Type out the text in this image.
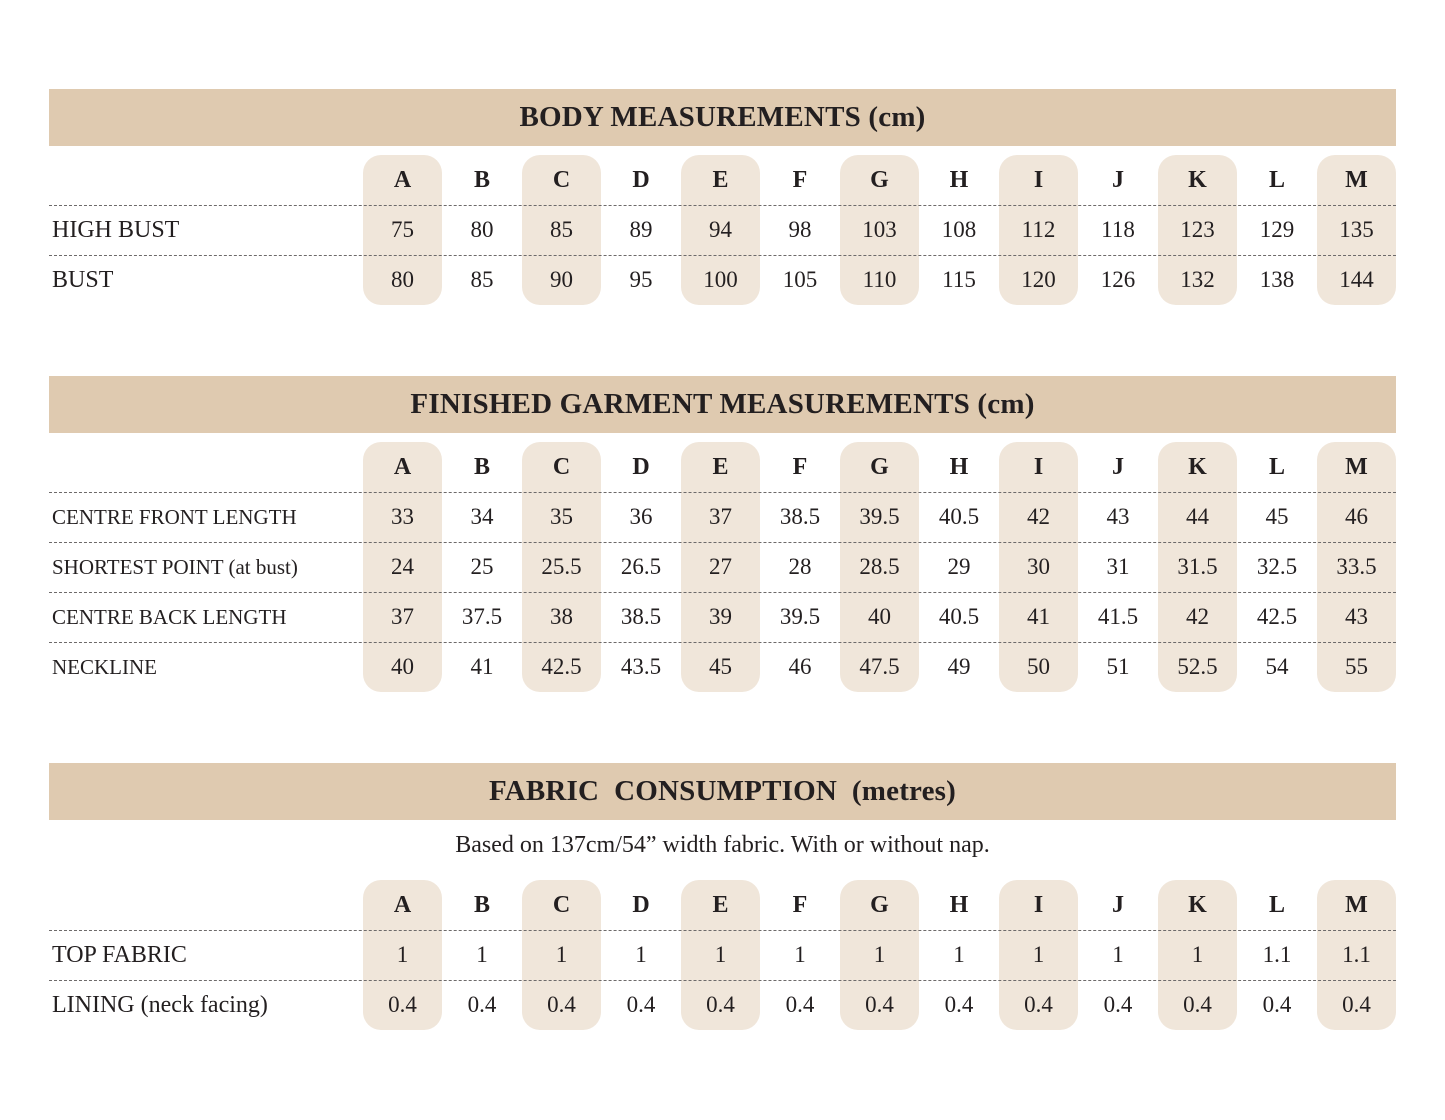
BODY MEASUREMENTS (cm)
A	B	C	D	E	F	G	H	I	J	K	L	M
HIGH BUST	75	80	85	89	94	98	103	108	112	118	123	129	135
BUST	80	85	90	95	100	105	110	115	120	126	132	138	144
FINISHED GARMENT MEASUREMENTS (cm)
A	B	C	D	E	F	G	H	I	J	K	L	M
CENTRE FRONT LENGTH	33	34	35	36	37	38.5	39.5	40.5	42	43	44	45	46
SHORTEST POINT (at bust)	24	25	25.5	26.5	27	28	28.5	29	30	31	31.5	32.5	33.5
CENTRE BACK LENGTH	37	37.5	38	38.5	39	39.5	40	40.5	41	41.5	42	42.5	43
NECKLINE	40	41	42.5	43.5	45	46	47.5	49	50	51	52.5	54	55
FABRIC  CONSUMPTION  (metres)
Based on 137cm/54” width fabric. With or without nap.
A	B	C	D	E	F	G	H	I	J	K	L	M
TOP FABRIC	1	1	1	1	1	1	1	1	1	1	1	1.1	1.1
LINING (neck facing)	0.4	0.4	0.4	0.4	0.4	0.4	0.4	0.4	0.4	0.4	0.4	0.4	0.4
